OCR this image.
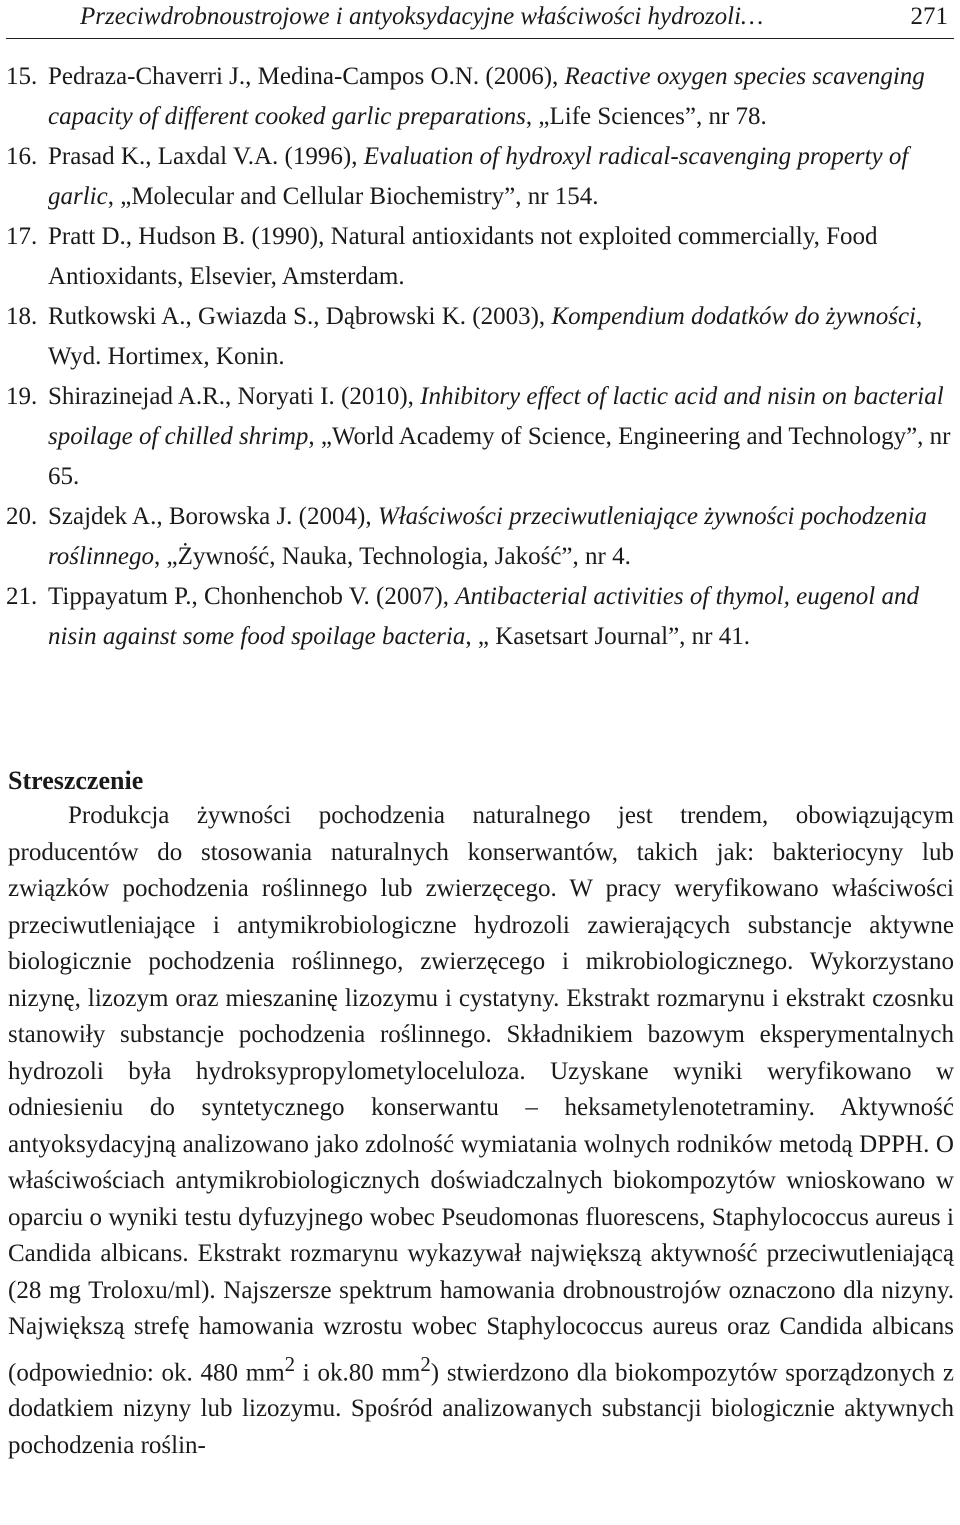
Przeciwdrobnoustrojowe i antyoksydacyjne właściwości hydrozoli…	271
15. Pedraza-Chaverri J., Medina-Campos O.N. (2006), Reactive oxygen species scavenging capacity of different cooked garlic preparations, „Life Sciences”, nr 78.
16. Prasad K., Laxdal V.A. (1996), Evaluation of hydroxyl radical-scavenging property of garlic, „Molecular and Cellular Biochemistry”, nr 154.
17. Pratt D., Hudson B. (1990), Natural antioxidants not exploited commercially, Food Antioxidants, Elsevier, Amsterdam.
18. Rutkowski A., Gwiazda S., Dąbrowski K. (2003), Kompendium dodatków do żywności, Wyd. Hortimex, Konin.
19. Shirazinejad A.R., Noryati I. (2010), Inhibitory effect of lactic acid and nisin on bacterial spoilage of chilled shrimp, „World Academy of Science, Engineering and Technology”, nr 65.
20. Szajdek A., Borowska J. (2004), Właściwości przeciwutleniające żywności pochodzenia roślinnego, „Żywność, Nauka, Technologia, Jakość”, nr 4.
21. Tippayatum P., Chonhenchob V. (2007), Antibacterial activities of thymol, eugenol and nisin against some food spoilage bacteria, „ Kasetsart Journal”, nr 41.
Streszczenie

Produkcja żywności pochodzenia naturalnego jest trendem, obowiązującym producentów do stosowania naturalnych konserwantów, takich jak: bakteriocyny lub związków pochodzenia roślinnego lub zwierzęcego. W pracy weryfikowano właściwości przeciwutleniające i antymikrobiologiczne hydrozoli zawierających substancje aktywne biologicznie pochodzenia roślinnego, zwierzęcego i mikrobiologicznego. Wykorzystano nizynę, lizozym oraz mieszaninę lizozymu i cystatyny. Ekstrakt rozmarynu i ekstrakt czosnku stanowiły substancje pochodzenia roślinnego. Składnikiem bazowym eksperymentalnych hydrozoli była hydroksypropylometyloceluloza. Uzyskane wyniki weryfikowano w odniesieniu do syntetycznego konserwantu – heksametylenotetraminy. Aktywność antyoksydacyjną analizowano jako zdolność wymiatania wolnych rodników metodą DPPH. O właściwościach antymikrobiologicznych doświadczalnych biokompozytów wnioskowano w oparciu o wyniki testu dyfuzyjnego wobec Pseudomonas fluorescens, Staphylococcus aureus i Candida albicans. Ekstrakt rozmarynu wykazywał największą aktywność przeciwutleniającą (28 mg Troloxu/ml). Najszersze spektrum hamowania drobnoustrojów oznaczono dla nizyny. Największą strefę hamowania wzrostu wobec Staphylococcus aureus oraz Candida albicans (odpowiednio: ok. 480 $mm^2$ i ok.80 $mm^2$) stwierdzono dla biokompozytów sporządzonych z dodatkiem nizyny lub lizozymu. Spośród analizowanych substancji biologicznie aktywnych pochodzenia roślin-
